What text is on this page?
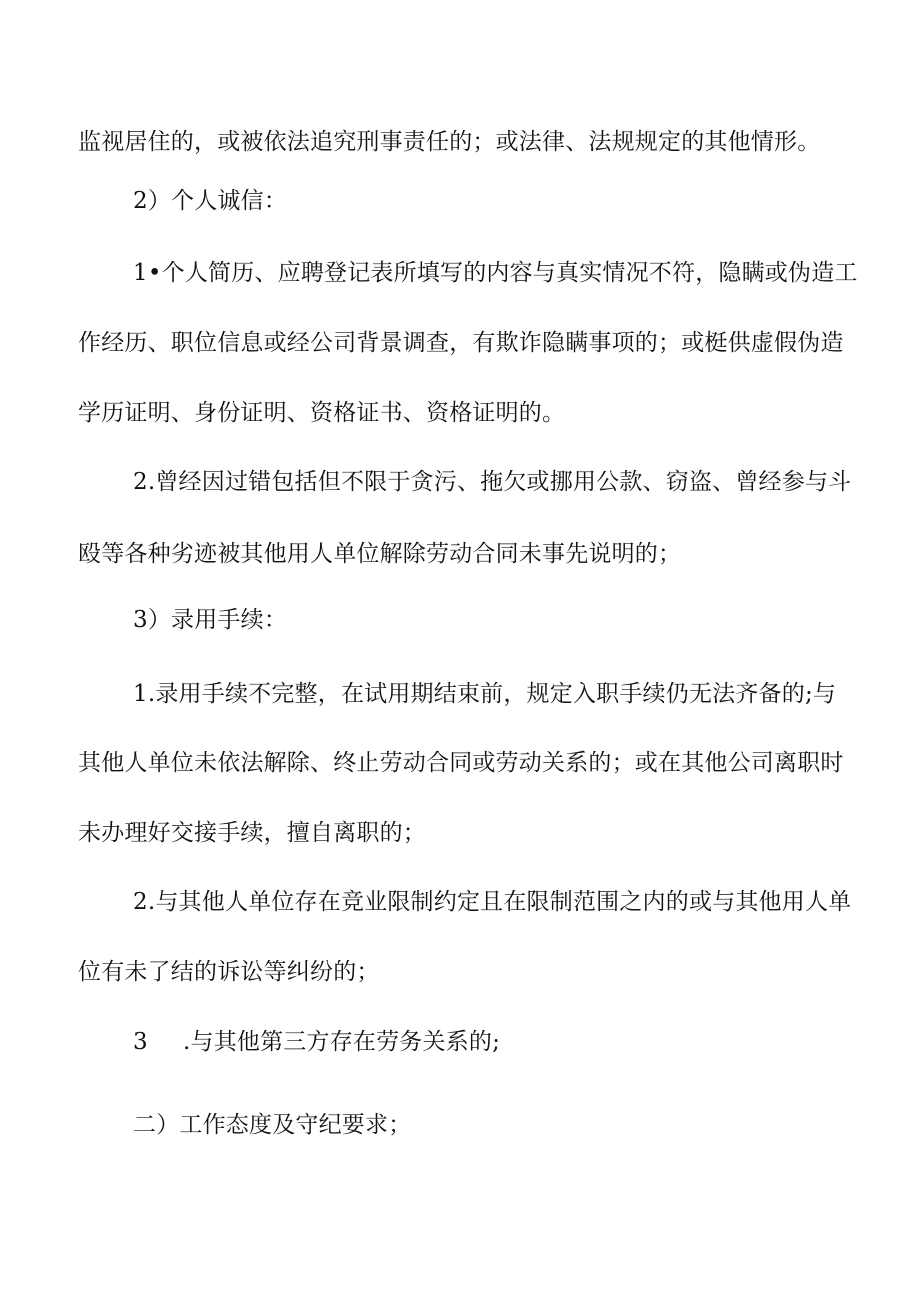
监视居住的，或被依法追究刑事责任的；或法律、法规规定的其他情形。
2）个人诚信：
1•个人简历、应聘登记表所填写的内容与真实情况不符，隐瞒或伪造工
作经历、职位信息或经公司背景调查，有欺诈隐瞒事项的；或梃供虚假伪造
学历证明、身份证明、资格证书、资格证明的。
2.曾经因过错包括但不限于贪污、拖欠或挪用公款、窃盗、曾经参与斗
殴等各种劣迹被其他用人单位解除劳动合同未事先说明的；
3）录用手续：
1.录用手续不完整，在试用期结束前，规定入职手续仍无法齐备的;与
其他人单位未依法解除、终止劳动合同或劳动关系的；或在其他公司离职时
未办理好交接手续，擅自离职的；
2.与其他人单位存在竞业限制约定且在限制范围之内的或与其他用人单
位有未了结的诉讼等纠纷的；
3 .与其他第三方存在劳务关系的;
二）工作态度及守纪要求；
